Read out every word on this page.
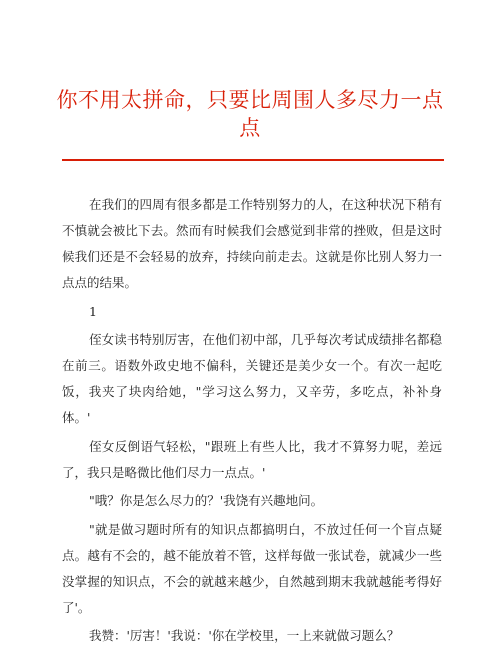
你不用太拼命，只要比周围人多尽力一点点

在我们的四周有很多都是工作特别努力的人，在这种状况下稍有不慎就会被比下去。然而有时候我们会感觉到非常的挫败，但是这时候我们还是不会轻易的放弃，持续向前走去。这就是你比别人努力一点点的结果。

1

侄女读书特别厉害，在他们初中部，几乎每次考试成绩排名都稳在前三。语数外政史地不偏科，关键还是美少女一个。有次一起吃饭，我夹了块肉给她，"学习这么努力，又辛劳，多吃点，补补身体。'

侄女反倒语气轻松，"跟班上有些人比，我才不算努力呢，差远了，我只是略微比他们尽力一点点。'

"哦？你是怎么尽力的？'我饶有兴趣地问。

"就是做习题时所有的知识点都搞明白，不放过任何一个盲点疑点。越有不会的，越不能放着不管，这样每做一张试卷，就减少一些没掌握的知识点，不会的就越来越少，自然越到期末我就越能考得好了'。

我赞：'厉害！'我说：'你在学校里，一上来就做习题么？
